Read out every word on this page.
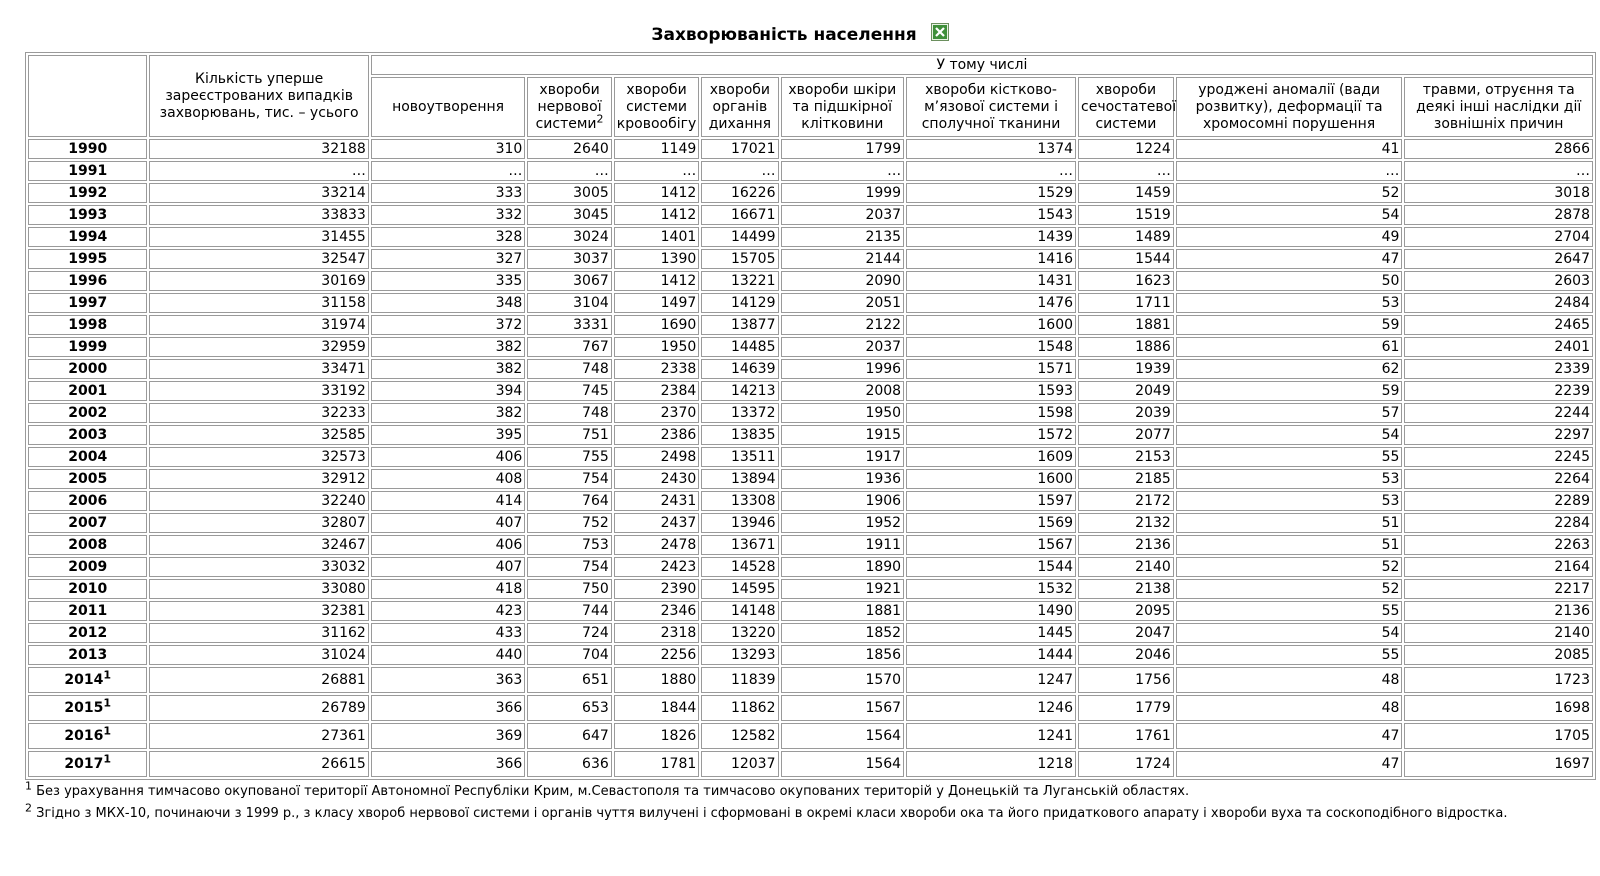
Захворюваність населення
	Кількість уперше зареєстрованих випадків захворювань, тис. – усього	У тому числі								
		новоутворення	хвороби нервової системи$^2$	хвороби системи кровообігу	хвороби органів дихання	хвороби шкіри та підшкірної клітковини	хвороби кістково-м’язової системи і сполучної тканини	хвороби сечостатевої системи	уроджені аномалії (вади розвитку), деформації та хромосомні порушення	травми, отруєння та деякі інші наслідки дії зовнішніх причин
1990	32188	310	2640	1149	17021	1799	1374	1224	41	2866
1991	…	…	…	…	…	…	…	…	…	…
1992	33214	333	3005	1412	16226	1999	1529	1459	52	3018
1993	33833	332	3045	1412	16671	2037	1543	1519	54	2878
1994	31455	328	3024	1401	14499	2135	1439	1489	49	2704
1995	32547	327	3037	1390	15705	2144	1416	1544	47	2647
1996	30169	335	3067	1412	13221	2090	1431	1623	50	2603
1997	31158	348	3104	1497	14129	2051	1476	1711	53	2484
1998	31974	372	3331	1690	13877	2122	1600	1881	59	2465
1999	32959	382	767	1950	14485	2037	1548	1886	61	2401
2000	33471	382	748	2338	14639	1996	1571	1939	62	2339
2001	33192	394	745	2384	14213	2008	1593	2049	59	2239
2002	32233	382	748	2370	13372	1950	1598	2039	57	2244
2003	32585	395	751	2386	13835	1915	1572	2077	54	2297
2004	32573	406	755	2498	13511	1917	1609	2153	55	2245
2005	32912	408	754	2430	13894	1936	1600	2185	53	2264
2006	32240	414	764	2431	13308	1906	1597	2172	53	2289
2007	32807	407	752	2437	13946	1952	1569	2132	51	2284
2008	32467	406	753	2478	13671	1911	1567	2136	51	2263
2009	33032	407	754	2423	14528	1890	1544	2140	52	2164
2010	33080	418	750	2390	14595	1921	1532	2138	52	2217
2011	32381	423	744	2346	14148	1881	1490	2095	55	2136
2012	31162	433	724	2318	13220	1852	1445	2047	54	2140
2013	31024	440	704	2256	13293	1856	1444	2046	55	2085
2014$^1$	26881	363	651	1880	11839	1570	1247	1756	48	1723
2015$^1$	26789	366	653	1844	11862	1567	1246	1779	48	1698
2016$^1$	27361	369	647	1826	12582	1564	1241	1761	47	1705
2017$^1$	26615	366	636	1781	12037	1564	1218	1724	47	1697

$^1$ Без урахування тимчасово окупованої території Автономної Республіки Крим, м.Севастополя та тимчасово окупованих територій у Донецькій та Луганській областях.

$^2$ Згідно з МКХ-10, починаючи з 1999 р., з класу хвороб нервової системи і органів чуття вилучені і сформовані в окремі класи хвороби ока та його придаткового апарату і хвороби вуха та соскоподібного відростка.
